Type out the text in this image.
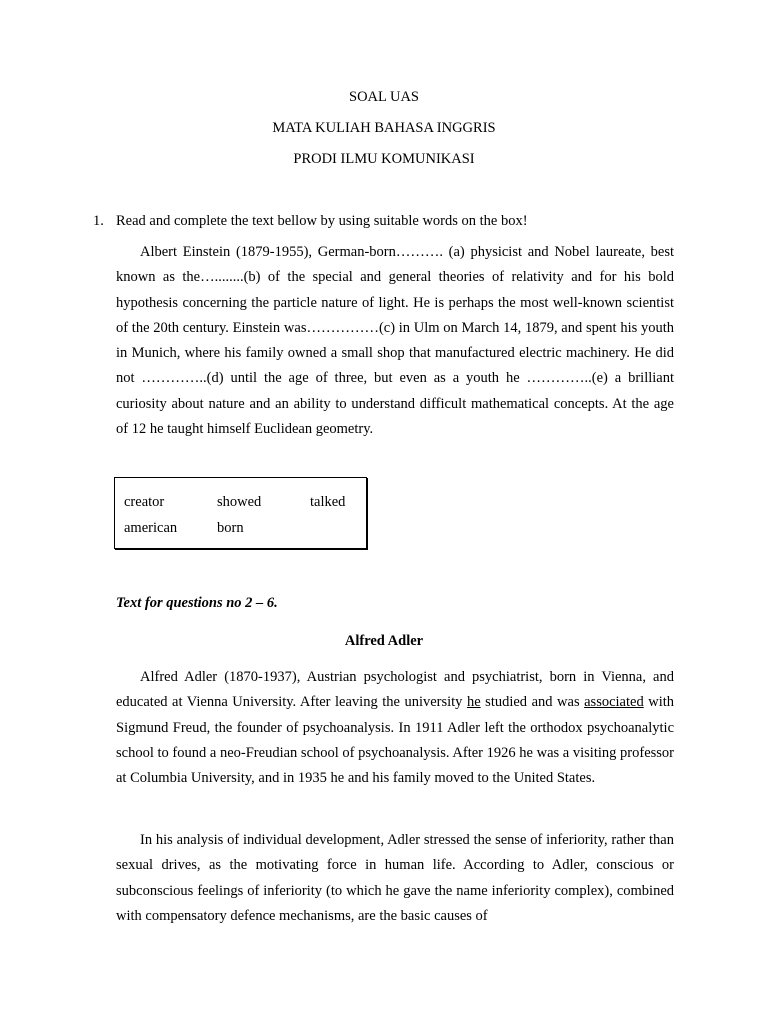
SOAL UAS
MATA KULIAH BAHASA INGGRIS
PRODI ILMU KOMUNIKASI
1. Read and complete the text bellow by using suitable words on the box!

Albert Einstein (1879-1955), German-born………. (a) physicist and Nobel laureate, best known as the…........(b) of the special and general theories of relativity and for his bold hypothesis concerning the particle nature of light. He is perhaps the most well-known scientist of the 20th century. Einstein was……………(c) in Ulm on March 14, 1879, and spent his youth in Munich, where his family owned a small shop that manufactured electric machinery. He did not …………..(d) until the age of three, but even as a youth he …………..(e) a brilliant curiosity about nature and an ability to understand difficult mathematical concepts. At the age of 12 he taught himself Euclidean geometry.

creator	showed	talked
american	born
Text for questions no 2 – 6.
Alfred Adler

Alfred Adler (1870-1937), Austrian psychologist and psychiatrist, born in Vienna, and educated at Vienna University. After leaving the university he studied and was associated with Sigmund Freud, the founder of psychoanalysis. In 1911 Adler left the orthodox psychoanalytic school to found a neo-Freudian school of psychoanalysis. After 1926 he was a visiting professor at Columbia University, and in 1935 he and his family moved to the United States.

In his analysis of individual development, Adler stressed the sense of inferiority, rather than sexual drives, as the motivating force in human life. According to Adler, conscious or subconscious feelings of inferiority (to which he gave the name inferiority complex), combined with compensatory defence mechanisms, are the basic causes of
